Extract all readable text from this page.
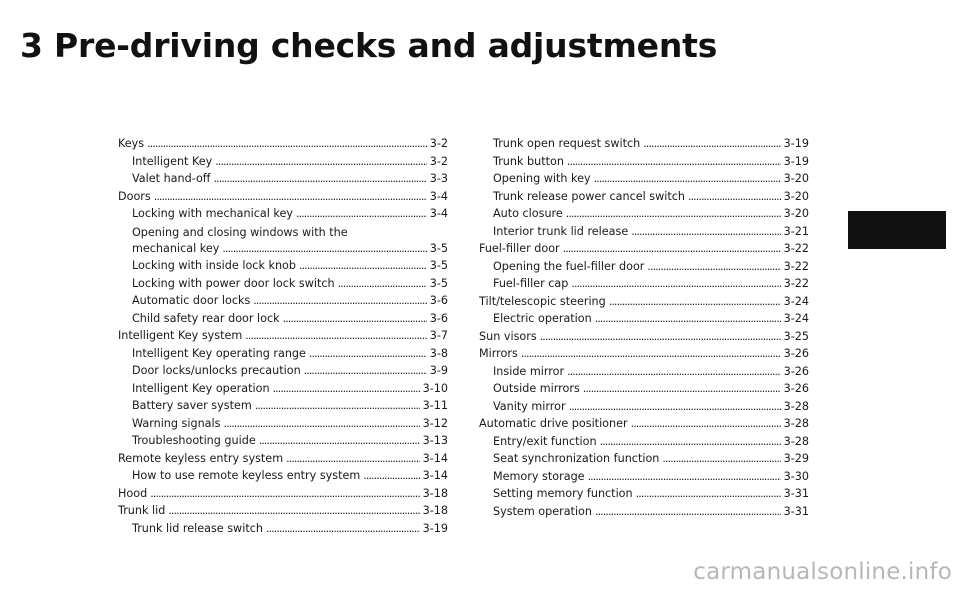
3 Pre-driving checks and adjustments
Keys . . .	3-2
Intelligent Key . . .	3-2
Valet hand-off . . .	3-3
Doors . . .	3-4
Locking with mechanical key . . .	3-4
Opening and closing windows with the
mechanical key . . .	3-5
Locking with inside lock knob . . .	3-5
Locking with power door lock switch . . .	3-5
Automatic door locks . . .	3-6
Child safety rear door lock . . .	3-6
Intelligent Key system . . .	3-7
Intelligent Key operating range . . .	3-8
Door locks/unlocks precaution . . .	3-9
Intelligent Key operation . . .	3-10
Battery saver system . . .	3-11
Warning signals . . .	3-12
Troubleshooting guide . . .	3-13
Remote keyless entry system . . .	3-14
How to use remote keyless entry system . . .	3-14
Hood . . .	3-18
Trunk lid . . .	3-18
Trunk lid release switch . . .	3-19
Trunk open request switch . . .	3-19
Trunk button . . .	3-19
Opening with key . . .	3-20
Trunk release power cancel switch . . .	3-20
Auto closure . . .	3-20
Interior trunk lid release . . .	3-21
Fuel-filler door . . .	3-22
Opening the fuel-filler door . . .	3-22
Fuel-filler cap . . .	3-22
Tilt/telescopic steering . . .	3-24
Electric operation . . .	3-24
Sun visors . . .	3-25
Mirrors . . .	3-26
Inside mirror . . .	3-26
Outside mirrors . . .	3-26
Vanity mirror . . .	3-28
Automatic drive positioner . . .	3-28
Entry/exit function . . .	3-28
Seat synchronization function . . .	3-29
Memory storage . . .	3-30
Setting memory function . . .	3-31
System operation . . .	3-31
carmanualsonline.info
